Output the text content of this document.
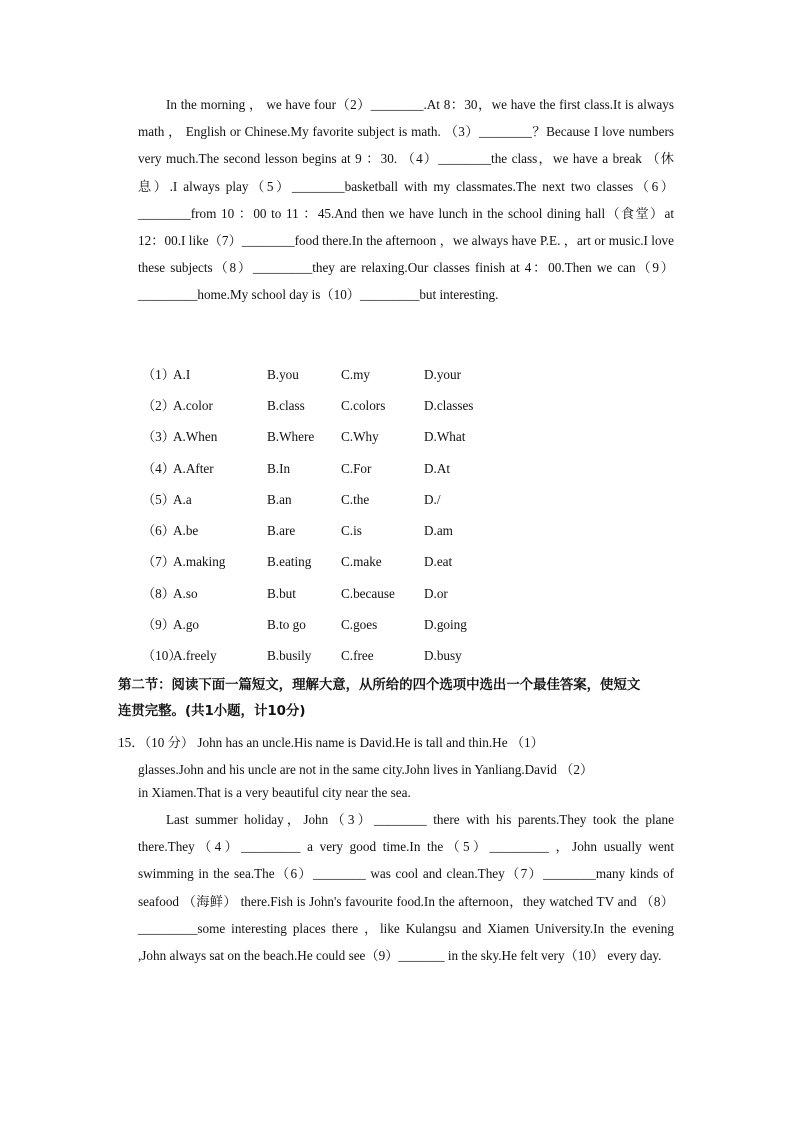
In the morning ， we have four（2）________.At 8：30，we have the first class.It is always math ， English or Chinese.My favorite subject is math. （3）________？Because I love numbers very much.The second lesson begins at 9 ：30. （4）________the class，we have a break （休息）.I always play（5）________basketball with my classmates.The next two classes（6）________from 10 ：00 to 11 ：45.And then we have lunch in the school dining hall（食堂）at 12：00.I like（7）________food there.In the afternoon ，we always have P.E. ，art or music.I love these subjects（8）_________they are relaxing.Our classes finish at 4：00.Then we can（9）_________home.My school day is（10）_________but interesting.
（1）
A.I	B.you	C.my	D.your
（2）
A.color	B.class	C.colors	D.classes
（3）
A.When	B.Where C.Why	D.What
（4）
A.After	B.In	C.For	D.At
（5）
A.a	B.an	C.the	D./
（6）
A.be	B.are	C.is	D.am
（7）
A.making	B.eating C.make	D.eat
（8）
A.so	B.but	C.because D.or
（9）
A.go	B.to go	C.goes	D.going
（10）
A.freely	B.busily C.free	D.busy
第二节：阅读下面一篇短文，理解大意，从所给的四个选项中选出一个最佳答案，使短文
连贯完整。(共1小题，计10分)
15．（10 分） John has an uncle.His name is David.He is tall and thin.He （1）
glasses.John and his uncle are not in the same city.John lives in Yanliang.David （2）
in Xiamen.That is a very beautiful city near the sea.
Last summer holiday，John（3）________ there with his parents.They took the plane there.They（4）_________ a very good time.In the（5）_________ ，John usually went swimming in the sea.The（6）________ was cool and clean.They（7）________many kinds of seafood （海鲜） there.Fish is John's favourite food.In the afternoon，they watched TV and （8）_________some interesting places there ，like Kulangsu and Xiamen University.In the evening ,John always sat on the beach.He could see（9）_______ in the sky.He felt very（10） every day.
